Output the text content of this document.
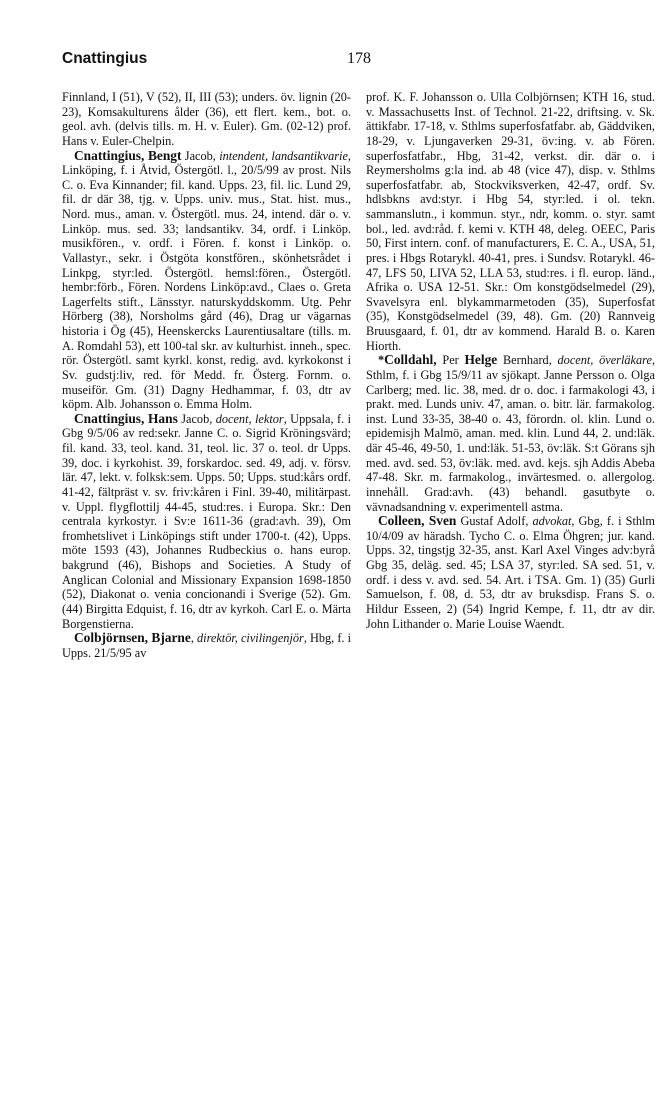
Cnattingius	178

Finnland, I (51), V (52), II, III (53); unders. öv. lignin (20-23), Komsakulturens ålder (36), ett flert. kem., bot. o. geol. avh. (delvis tills. m. H. v. Euler). Gm. (02-12) prof. Hans v. Euler-Chelpin.

Cnattingius, Bengt Jacob, intendent, landsantikvarie, Linköping, f. i Åtvid, Östergötl. l., 20/5/99 av prost. Nils C. o. Eva Kinnander; fil. kand. Upps. 23, fil. lic. Lund 29, fil. dr där 38, tjg. v. Upps. univ. mus., Stat. hist. mus., Nord. mus., aman. v. Östergötl. mus. 24, intend. där o. v. Linköp. mus. sed. 33; landsantikv. 34, ordf. i Linköp. musikfören., v. ordf. i Fören. f. konst i Linköp. o. Vallastyr., sekr. i Östgöta konstfören., skönhetsrådet i Linkpg, styr:led. Östergötl. hemsl:fören., Östergötl. hembr:förb., Fören. Nordens Linköp:avd., Claes o. Greta Lagerfelts stift., Länsstyr. naturskyddskomm. Utg. Pehr Hörberg (38), Norsholms gård (46), Drag ur vägarnas historia i Ög (45), Heenskercks Laurentiusaltare (tills. m. A. Romdahl 53), ett 100-tal skr. av kulturhist. inneh., spec. rör. Östergötl. samt kyrkl. konst, redig. avd. kyrkokonst i Sv. gudstj:liv, red. för Medd. fr. Österg. Fornm. o. museiför. Gm. (31) Dagny Hedhammar, f. 03, dtr av köpm. Alb. Johansson o. Emma Holm.

Cnattingius, Hans Jacob, docent, lektor, Uppsala, f. i Gbg 9/5/06 av red:sekr. Janne C. o. Sigrid Kröningsvärd; fil. kand. 33, teol. kand. 31, teol. lic. 37 o. teol. dr Upps. 39, doc. i kyrkohist. 39, forskardoc. sed. 49, adj. v. försv. lär. 47, lekt. v. folksk:sem. Upps. 50; Upps. stud:kårs ordf. 41-42, fältpräst v. sv. friv:kåren i Finl. 39-40, militärpast. v. Uppl. flygflottilj 44-45, stud:res. i Europa. Skr.: Den centrala kyrkostyr. i Sv:e 1611-36 (grad:avh. 39), Om fromhetslivet i Linköpings stift under 1700-t. (42), Upps. möte 1593 (43), Johannes Rudbeckius o. hans europ. bakgrund (46), Bishops and Societies. A Study of Anglican Colonial and Missionary Expansion 1698-1850 (52), Diakonat o. venia concionandi i Sverige (52). Gm. (44) Birgitta Edquist, f. 16, dtr av kyrkoh. Carl E. o. Märta Borgenstierna.

Colbjörnsen, Bjarne, direktör, civilingenjör, Hbg, f. i Upps. 21/5/95 av

prof. K. F. Johansson o. Ulla Colbjörnsen; KTH 16, stud. v. Massachusetts Inst. of Technol. 21-22, driftsing. v. Sk. ättikfabr. 17-18, v. Sthlms superfosfatfabr. ab, Gäddviken, 18-29, v. Ljungaverken 29-31, öv:ing. v. ab Fören. superfosfatfabr., Hbg, 31-42, verkst. dir. där o. i Reymersholms g:la ind. ab 48 (vice 47), disp. v. Sthlms superfosfatfabr. ab, Stockviksverken, 42-47, ordf. Sv. hdlsbkns avd:styr. i Hbg 54, styr:led. i ol. tekn. sammanslutn., i kommun. styr., ndr, komm. o. styr. samt bol., led. avd:råd. f. kemi v. KTH 48, deleg. OEEC, Paris 50, First intern. conf. of manufacturers, E. C. A., USA, 51, pres. i Hbgs Rotarykl. 40-41, pres. i Sundsv. Rotarykl. 46-47, LFS 50, LIVA 52, LLA 53, stud:res. i fl. europ. länd., Afrika o. USA 12-51. Skr.: Om konstgödselmedel (29), Svavelsyra enl. blykammarmetoden (35), Superfosfat (35), Konstgödselmedel (39, 48). Gm. (20) Rannveig Bruusgaard, f. 01, dtr av kommend. Harald B. o. Karen Hiorth.

*Colldahl, Per Helge Bernhard, docent, överläkare, Sthlm, f. i Gbg 15/9/11 av sjökapt. Janne Persson o. Olga Carlberg; med. lic. 38, med. dr o. doc. i farmakologi 43, i prakt. med. Lunds univ. 47, aman. o. bitr. lär. farmakolog. inst. Lund 33-35, 38-40 o. 43, förordn. ol. klin. Lund o. epidemisjh Malmö, aman. med. klin. Lund 44, 2. und:läk. där 45-46, 49-50, 1. und:läk. 51-53, öv:läk. S:t Görans sjh med. avd. sed. 53, öv:läk. med. avd. kejs. sjh Addis Abeba 47-48. Skr. m. farmakolog., invärtesmed. o. allergolog. innehåll. Grad:avh. (43) behandl. gasutbyte o. vävnadsandning v. experimentell astma.

Colleen, Sven Gustaf Adolf, advokat, Gbg, f. i Sthlm 10/4/09 av häradsh. Tycho C. o. Elma Öhgren; jur. kand. Upps. 32, tingstjg 32-35, anst. Karl Axel Vinges adv:byrå Gbg 35, deläg. sed. 45; LSA 37, styr:led. SA sed. 51, v. ordf. i dess v. avd. sed. 54. Art. i TSA. Gm. 1) (35) Gurli Samuelson, f. 08, d. 53, dtr av bruksdisp. Frans S. o. Hildur Esseen, 2) (54) Ingrid Kempe, f. 11, dtr av dir. John Lithander o. Marie Louise Waendt.
